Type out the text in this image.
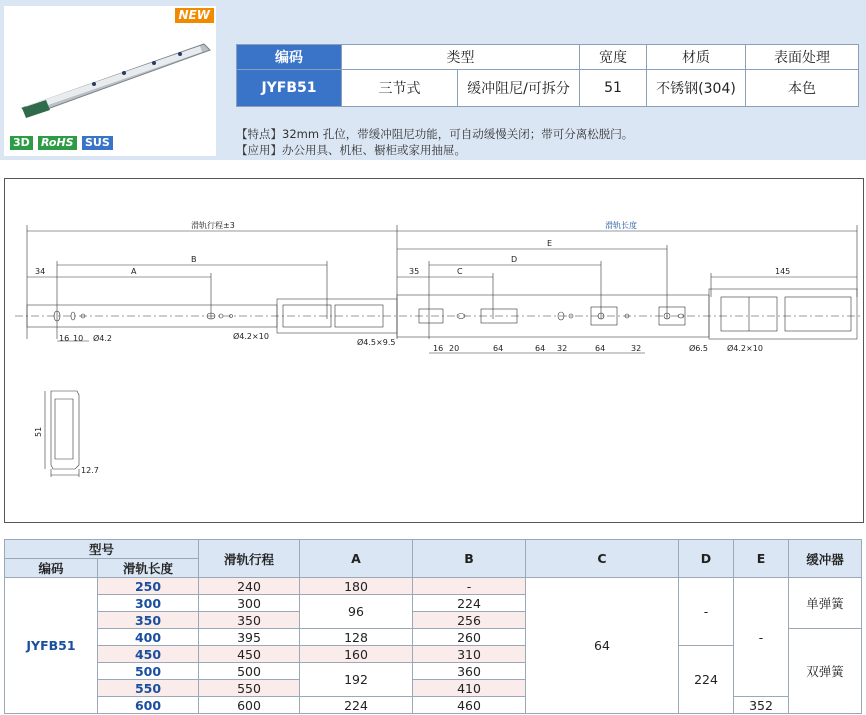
NEW
3D RoHS SUS
编码	类型		宽度	材质	表面处理
JYFB51	三节式	缓冲阻尼/可拆分	51	不锈钢(304)	本色
【特点】32mm 孔位，带缓冲阻尼功能，可自动缓慢关闭；带可分离松脱闩。
【应用】办公用具、机柜、橱柜或家用抽屉。
滑轨行程±3	滑轨长度
34	A
B
E
35	C
D
145
16 10 Ø4.2	Ø4.2×10
Ø4.5×9.5
16 20	64	64 32	64	32	Ø6.5 Ø4.2×10
51
12.7
型号		滑轨行程	A	B	C	D	E	缓冲器
编码	滑轨长度							
JYFB51	250	240	180	-	64	-	-	单弹簧
	300	300	96	224				
	350	350		256				
	400	395	128	260				双弹簧
	450	450	160	310		224		
	500	500	192	360				
	550	550		410				
	600	600	224	460			352	
